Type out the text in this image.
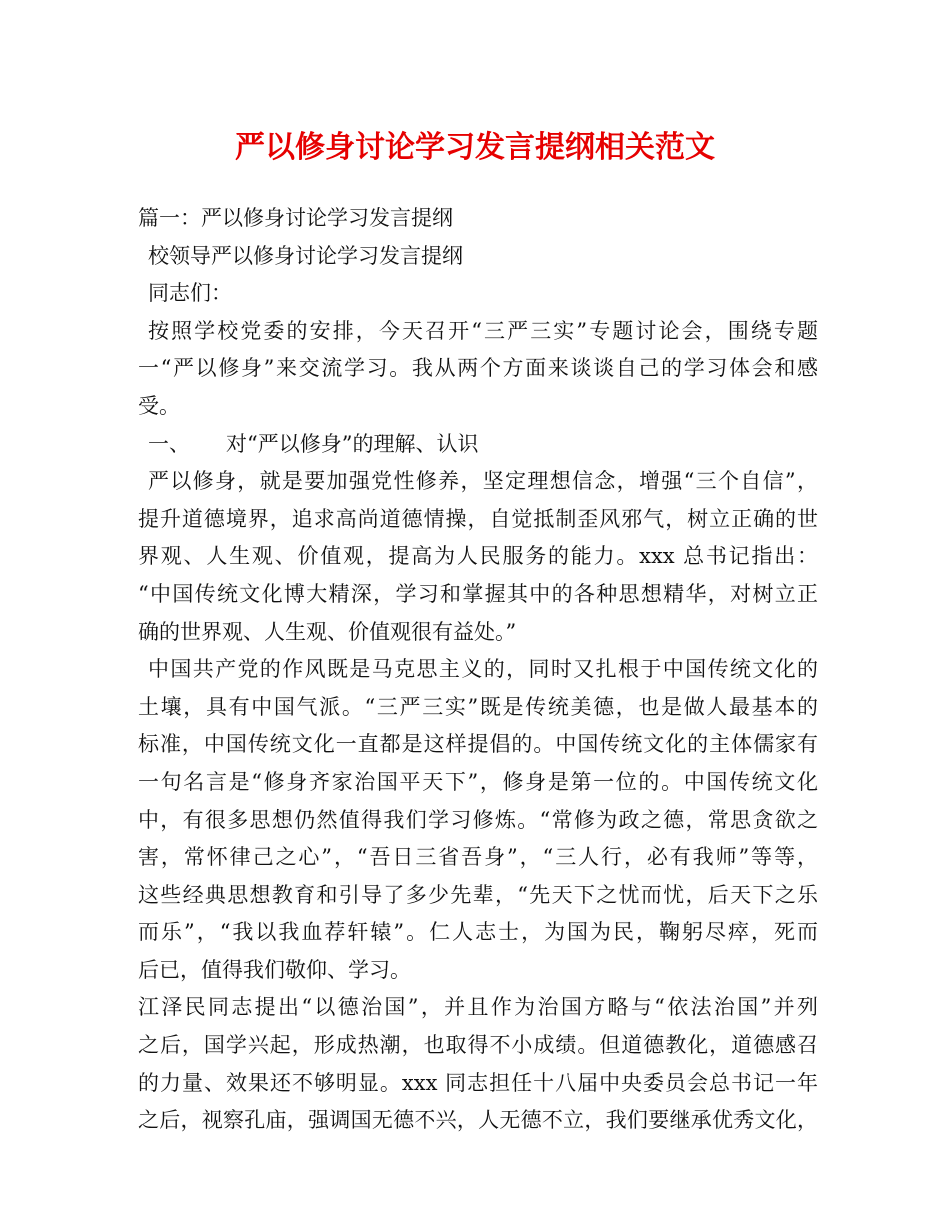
严以修身讨论学习发言提纲相关范文
篇一：严以修身讨论学习发言提纲
校领导严以修身讨论学习发言提纲
同志们：
按照学校党委的安排，今天召开“三严三实”专题讨论会，围绕专题
一“严以修身”来交流学习。我从两个方面来谈谈自己的学习体会和感
受。
一、 对“严以修身”的理解、认识
严以修身，就是要加强党性修养，坚定理想信念，增强“三个自信”，
提升道德境界，追求高尚道德情操，自觉抵制歪风邪气，树立正确的世
界观、人生观、价值观，提高为人民服务的能力。xxx 总书记指出：
“中国传统文化博大精深，学习和掌握其中的各种思想精华，对树立正
确的世界观、人生观、价值观很有益处。”
中国共产党的作风既是马克思主义的，同时又扎根于中国传统文化的
土壤，具有中国气派。“三严三实”既是传统美德，也是做人最基本的
标准，中国传统文化一直都是这样提倡的。中国传统文化的主体儒家有
一句名言是“修身齐家治国平天下”，修身是第一位的。中国传统文化
中，有很多思想仍然值得我们学习修炼。“常修为政之德，常思贪欲之
害，常怀律己之心”，“吾日三省吾身”，“三人行，必有我师”等等，
这些经典思想教育和引导了多少先辈，“先天下之忧而忧，后天下之乐
而乐”，“我以我血荐轩辕”。仁人志士，为国为民，鞠躬尽瘁，死而
后已，值得我们敬仰、学习。
江泽民同志提出“以德治国”，并且作为治国方略与“依法治国”并列
之后，国学兴起，形成热潮，也取得不小成绩。但道德教化，道德感召
的力量、效果还不够明显。xxx 同志担任十八届中央委员会总书记一年
之后，视察孔庙，强调国无德不兴，人无德不立，我们要继承优秀文化，
